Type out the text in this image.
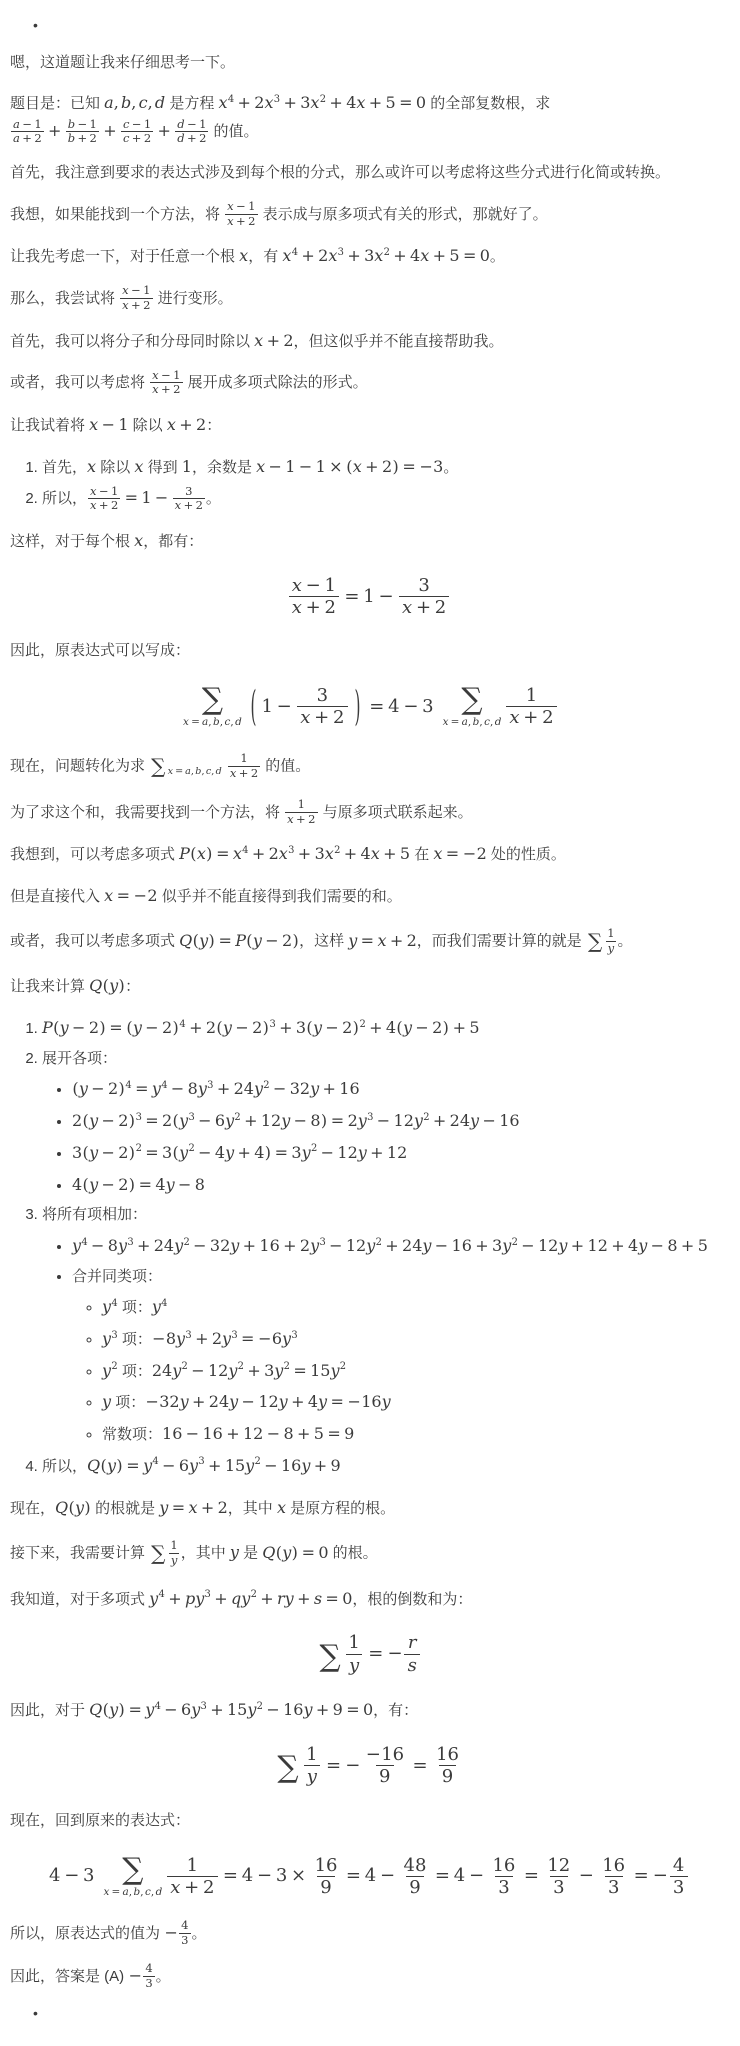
•

嗯，这道题让我来仔细思考一下。

题目是：已知 a, b, c, d 是方程 $x^4 + 2x^3 + 3x^2 + 4x + 5 = 0$ 的全部复数根，求
$\frac{a - 1}{a + 2} + \frac{b - 1}{b + 2} + \frac{c - 1}{c + 2} + \frac{d - 1}{d + 2}$ 的值。

首先，我注意到要求的表达式涉及到每个根的分式，那么或许可以考虑将这些分式进行化简或转换。

我想，如果能找到一个方法，将 $\frac{x - 1}{x + 2}$ 表示成与原多项式有关的形式，那就好了。

让我先考虑一下，对于任意一个根 x，有 $x^4 + 2x^3 + 3x^2 + 4x + 5 = 0$。

那么，我尝试将 $\frac{x - 1}{x + 2}$ 进行变形。

首先，我可以将分子和分母同时除以 x + 2，但这似乎并不能直接帮助我。

或者，我可以考虑将 $\frac{x - 1}{x + 2}$ 展开成多项式除法的形式。

让我试着将 x − 1 除以 x + 2：

1. 首先，x 除以 x 得到 1，余数是 x − 1 − 1 × (x + 2) = −3。
2. 所以， $\frac{x - 1}{x + 2} = 1 - \frac{3}{x + 2}$ 。

这样，对于每个根 x，都有：

$\frac{x - 1}{x + 2} = 1 - \frac{3}{x + 2}$

因此，原表达式可以写成：

∑
x = a,b,c,d ( $1 - \frac{3}{x + 2}$ ) = 4 − 3 ∑
$x = a,b,c,d \frac{1}{x + 2}$

现在，问题转化为求 ∑ $_{x = a,b,c,d} \frac{1}{x + 2}$ 的值。

为了求这个和，我需要找到一个方法，将 $\frac{1}{x + 2}$ 与原多项式联系起来。

我想到，可以考虑多项式 $P(x) = x^4 + 2x^3 + 3x^2 + 4x + 5$ 在 x = −2 处的性质。

但是直接代入 x = −2 似乎并不能直接得到我们需要的和。

或者，我可以考虑多项式 Q(y) = P(y − 2)，这样 y = x + 2，而我们需要计算的就是 ∑ $\frac{1}{y}$ 。

让我来计算 Q(y)：

1. $P(y - 2) = (y - 2)^4 + 2(y - 2)^3 + 3(y - 2)^2 + 4(y - 2) + 5$
2. 展开各项：
• $(y - 2)^4 = y^4 - 8y^3 + 24y^2 - 32y + 16$
• $2(y - 2)^3 = 2(y^3 - 6y^2 + 12y - 8) = 2y^3 - 12y^2 + 24y - 16$
• $3(y - 2)^2 = 3(y^2 - 4y + 4) = 3y^2 - 12y + 12$
• 4(y − 2) = 4y − 8
3. 将所有项相加：
• $y^4 - 8y^3 + 24y^2 - 32y + 16 + 2y^3 - 12y^2 + 24y - 16 + 3y^2 - 12y + 12 + 4y - 8 + 5$
• 合并同类项：
◦ $y^4$ 项：$y^4$
◦ $y^3$ 项：$-8y^3 + 2y^3 = -6y^3$
◦ $y^2$ 项：$24y^2 - 12y^2 + 3y^2 = 15y^2$
◦ y 项：−32y + 24y − 12y + 4y = −16y
◦ 常数项：16 − 16 + 12 − 8 + 5 = 9
4. 所以，$Q(y) = y^4 - 6y^3 + 15y^2 - 16y + 9$

现在，Q(y) 的根就是 y = x + 2，其中 x 是原方程的根。

接下来，我需要计算 ∑ $\frac{1}{y}$ ，其中 y 是 Q(y) = 0 的根。

我知道，对于多项式 $y^4 + py^3 + qy^2$ + ry + s = 0，根的倒数和为：

∑ $\frac{1}{y}$ = − $\frac{r}{s}$

因此，对于 $Q(y) = y^4 - 6y^3 + 15y^2 - 16y + 9 = 0$，有：

∑ $\frac{1}{y}$ = − $\frac{-16}{9} = \frac{16}{9}$

现在，回到原来的表达式：

4 − 3 ∑
$x = a,b,c,d \frac{1}{x + 2} = 4 - 3 \times \frac{16}{9} = 4 - \frac{48}{9} = 4 - \frac{16}{3} = \frac{12}{3} - \frac{16}{3}$ = − $\frac{4}{3}$

所以，原表达式的值为 − $\frac{4}{3}$ 。

因此，答案是 $(A) - \frac{4}{3}$ 。

•
